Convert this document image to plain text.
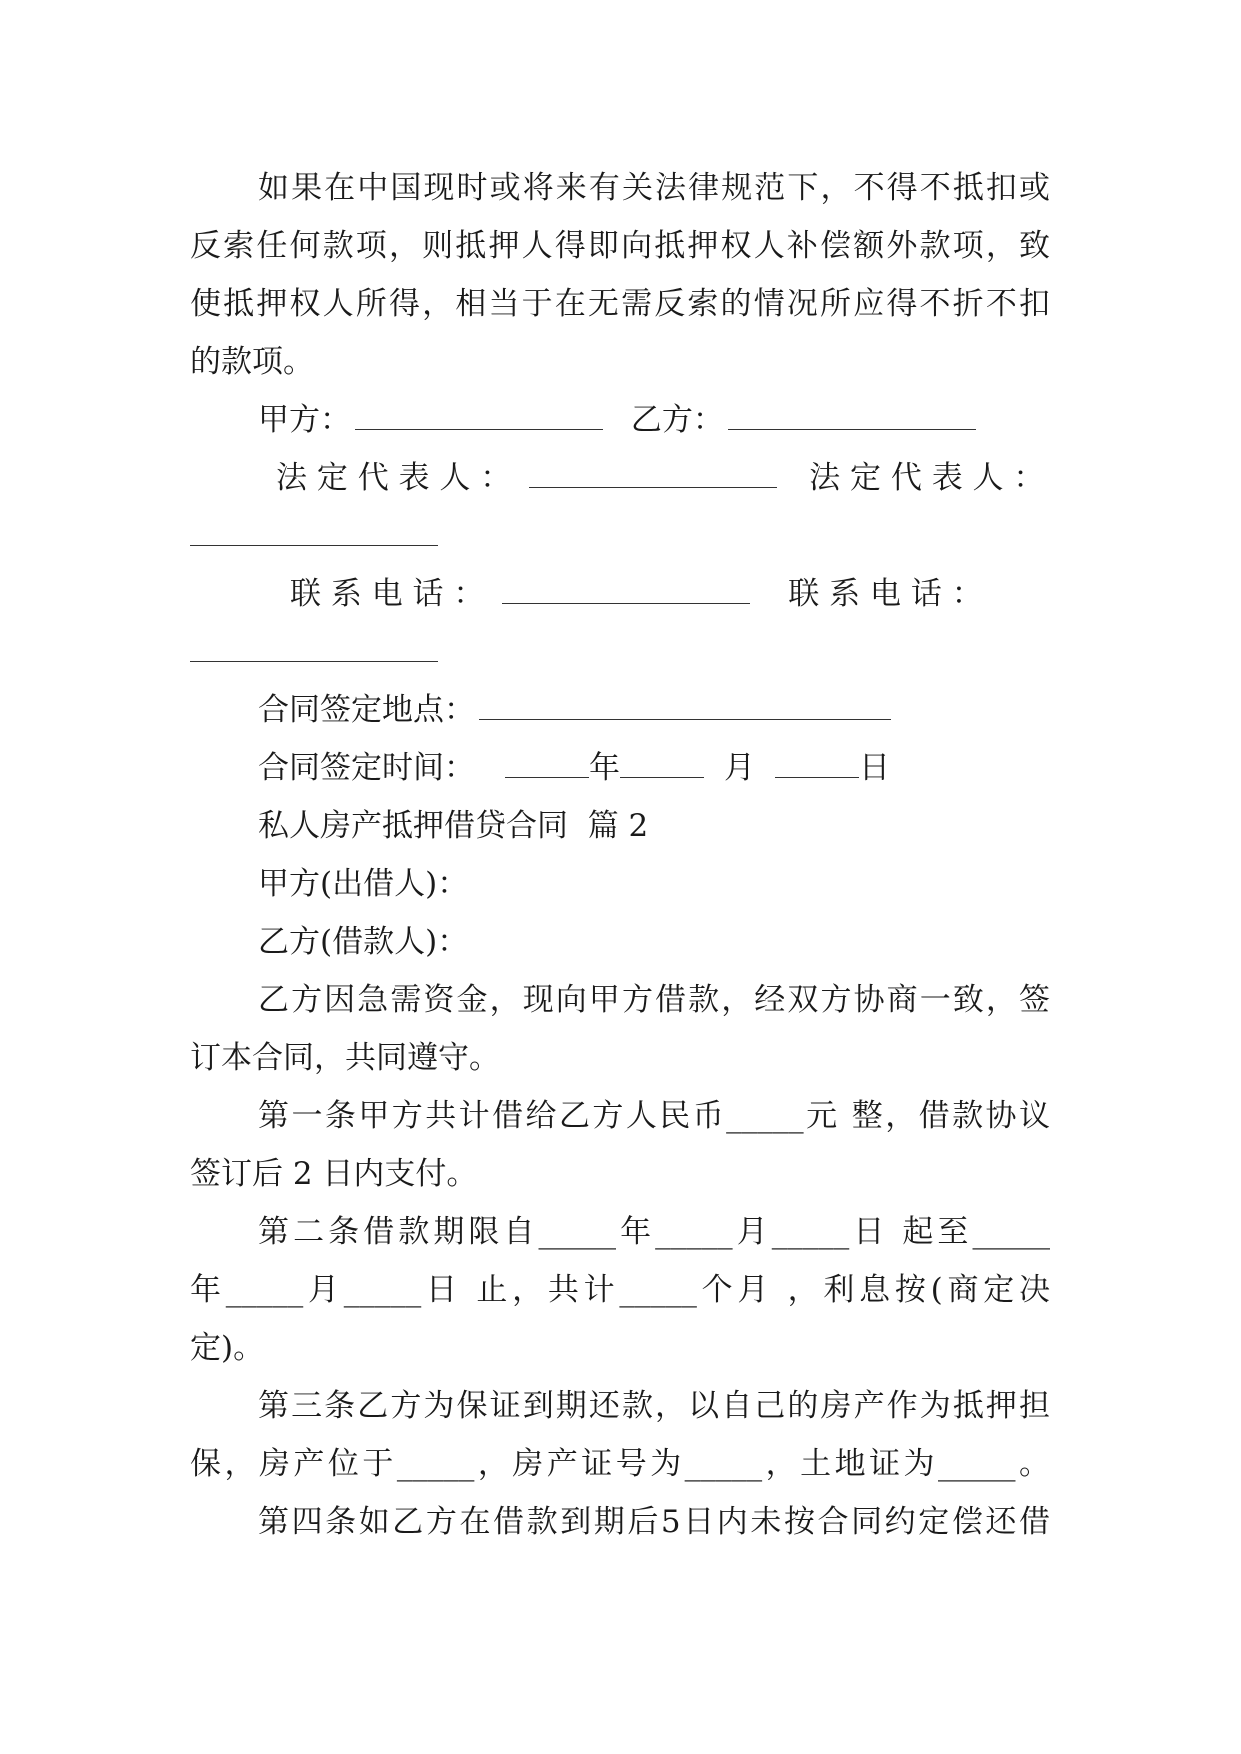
如果在中国现时或将来有关法律规范下，不得不抵扣或

反索任何款项，则抵押人得即向抵押权人补偿额外款项，致

使抵押权人所得，相当于在无需反索的情况所应得不折不扣

的款项。

甲方：	乙方：
法 定 代 表 人 ：	法 定 代 表 人 ：
联 系 电 话 ：	联 系 电 话 ：
合同签定地点：
合同签定时间：	年	月	日

私人房产抵押借贷合同  篇 2

甲方(出借人)：

乙方(借款人)：

乙方因急需资金，现向甲方借款，经双方协商一致，签

订本合同，共同遵守。

第一条甲方共计借给乙方人民币_____元 整，借款协议

签订后 2 日内支付。

第二条借款期限自_____年_____月_____日 起至_____

年_____月_____日 止，共计_____个月 ，利息按(商定决

定)。

第三条乙方为保证到期还款，以自己的房产作为抵押担

保，房产位于_____，房产证号为_____，土地证为_____。

第四条如乙方在借款到期后5日内未按合同约定偿还借
